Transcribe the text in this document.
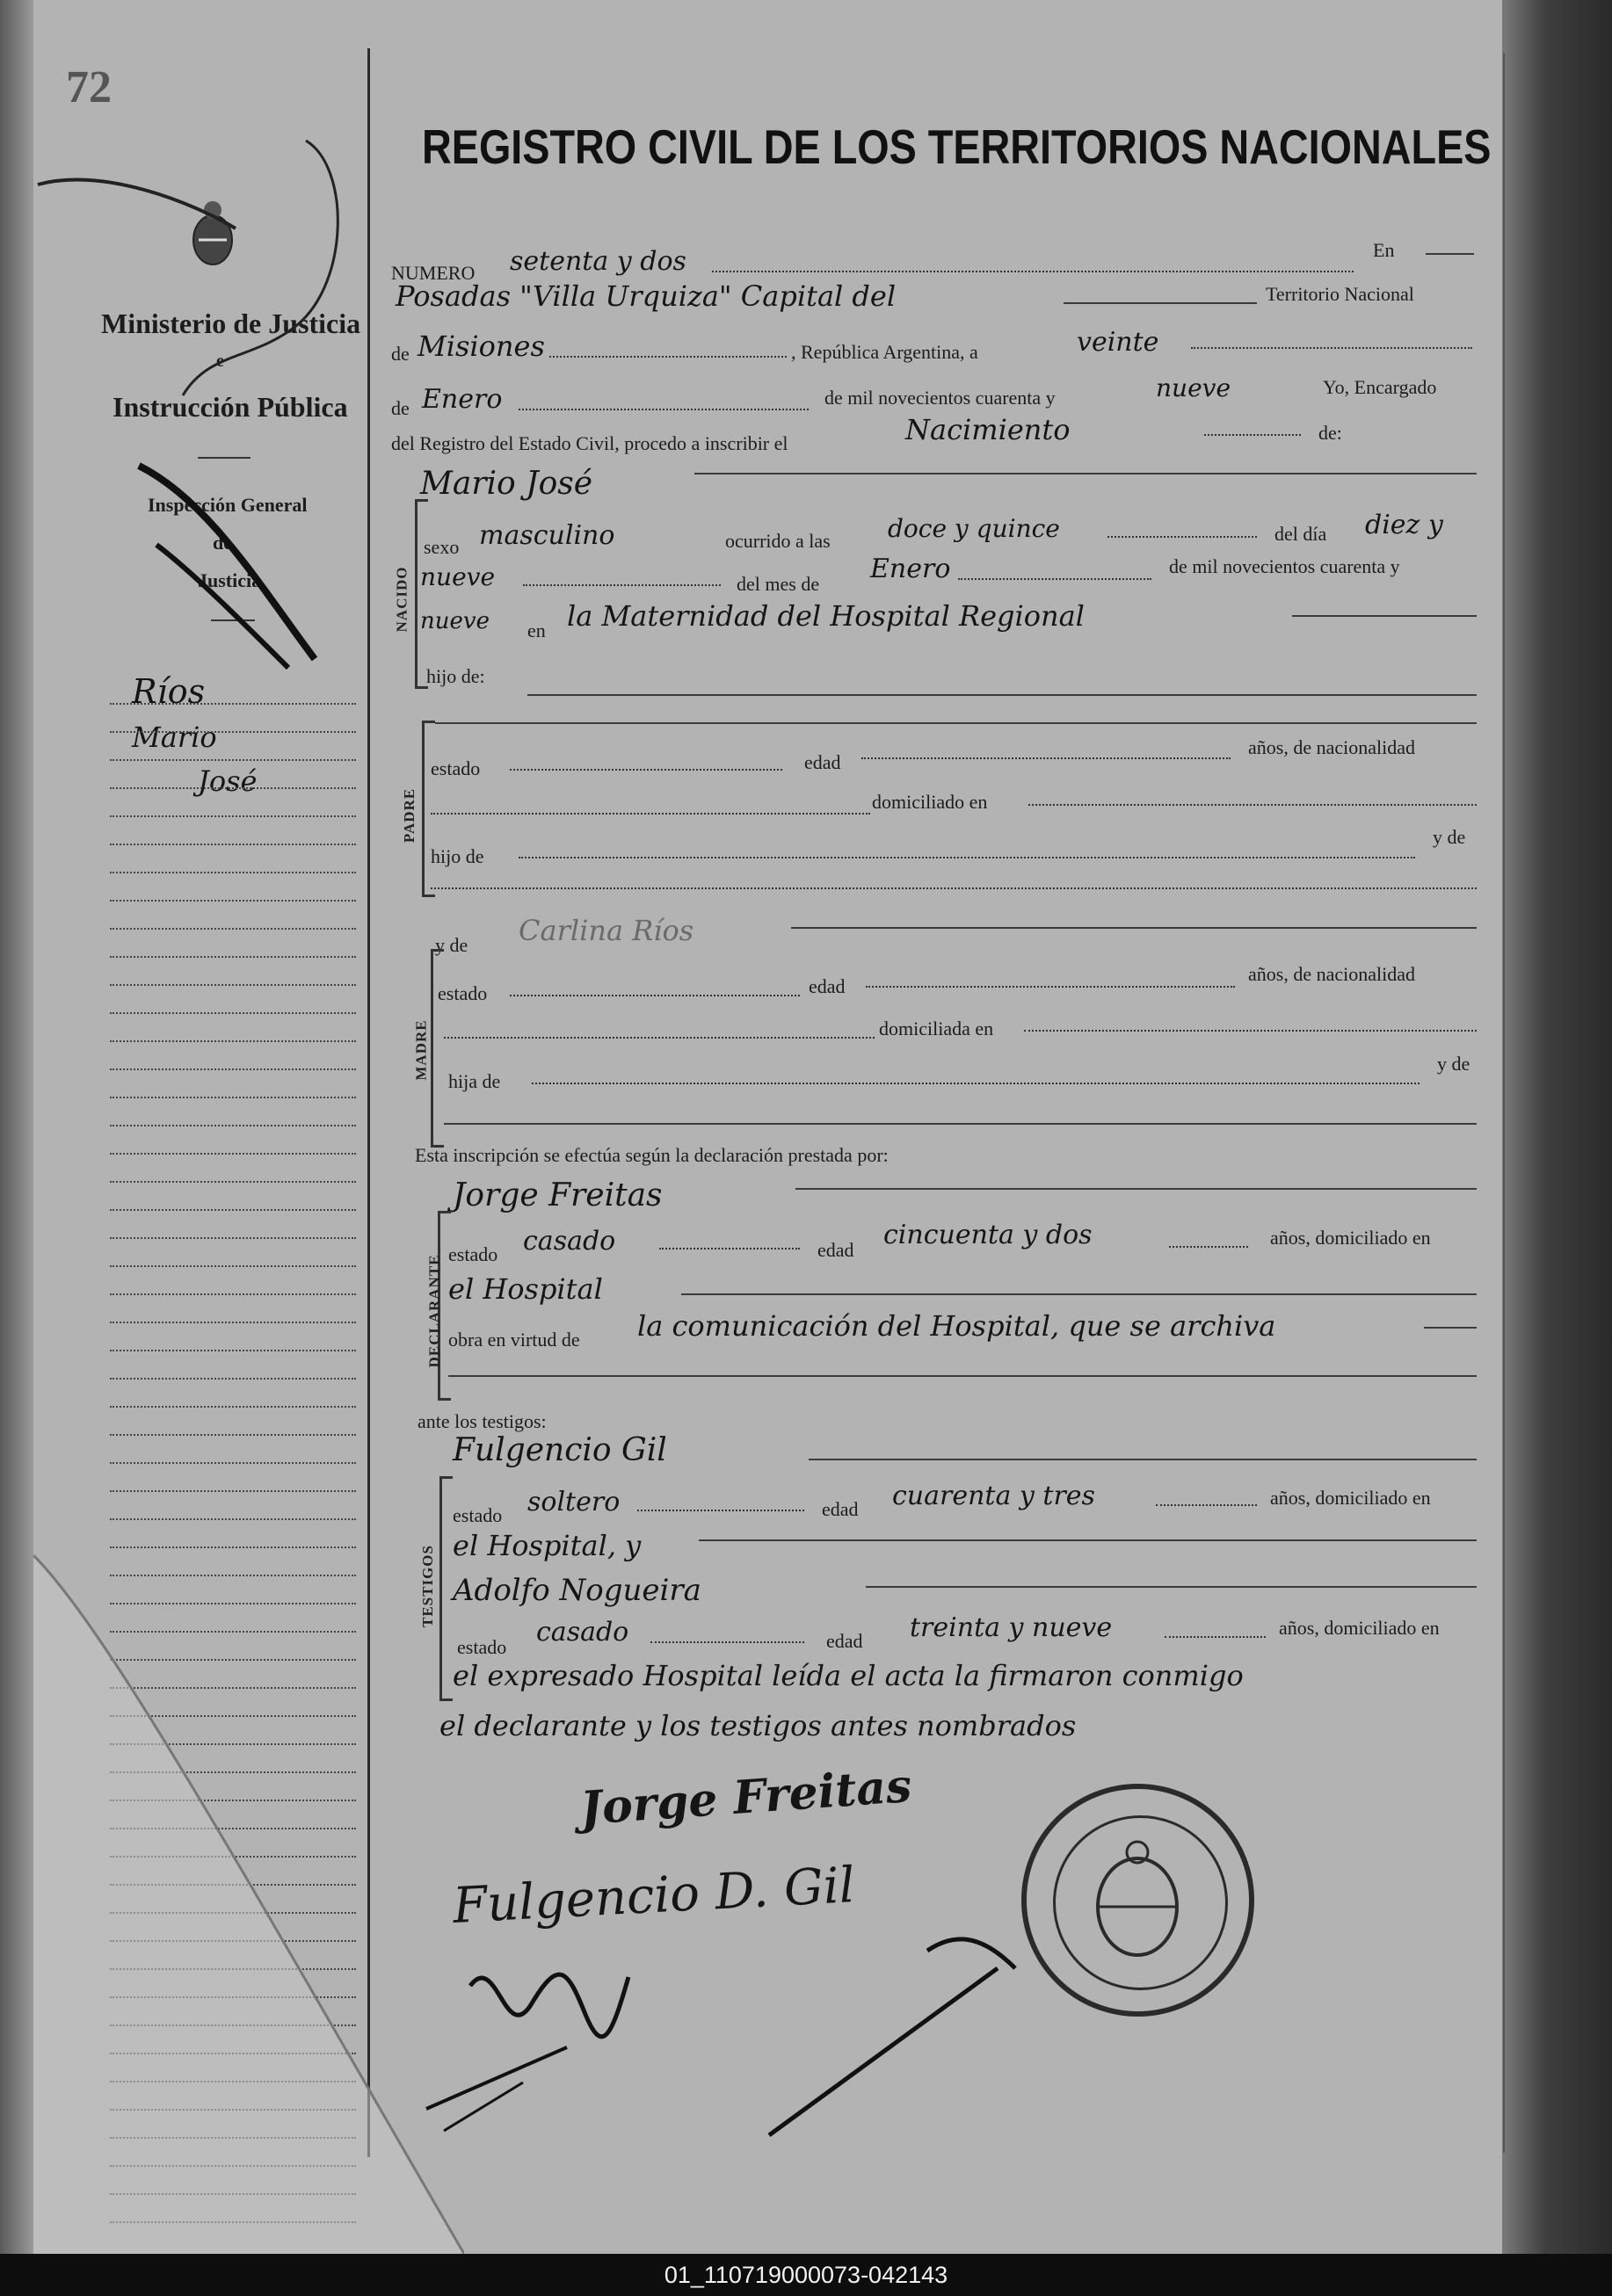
72
Ministerio de Justicia
e
Instrucción Pública
Inspección General
de
Justicia
Ríos
Mario
José
REGISTRO CIVIL DE LOS TERRITORIOS NACIONALES
NUMERO setenta y dos	En
Posadas "Villa Urquiza" Capital del	Territorio Nacional
de Misiones	, República Argentina, a	veinte
de Enero	de mil novecientos cuarenta y	nueve	Yo, Encargado
del Registro del Estado Civil, procedo a inscribir el	Nacimiento	de:
Mario José
NACIDO
sexo masculino	ocurrido a las doce y quince	del día diez y
nueve	del mes de Enero	de mil novecientos cuarenta y
nueve en la Maternidad del Hospital Regional
hijo de:
PADRE
estado	edad
años, de nacionalidad
domiciliado en
hijo de
y de
y de Carlina Ríos
MADRE
estado	edad
años, de nacionalidad
domiciliada en
hija de
y de
Esta inscripción se efectúa según la declaración prestada por:
Jorge Freitas
DECLARANTE estado casado	edad cincuenta y dos	años, domiciliado en
el Hospital
obra en virtud de la comunicación del Hospital, que se archiva
ante los testigos:
Fulgencio Gil
TESTIGOS
estado soltero	edad cuarenta y tres	años, domiciliado en
el Hospital, y
Adolfo Nogueira
estado casado	edad treinta y nueve	años, domiciliado en
el expresado Hospital leída el acta la firmaron conmigo
el declarante y los testigos antes nombrados
Jorge Freitas
Fulgencio D. Gil
01_110719000073-042143
